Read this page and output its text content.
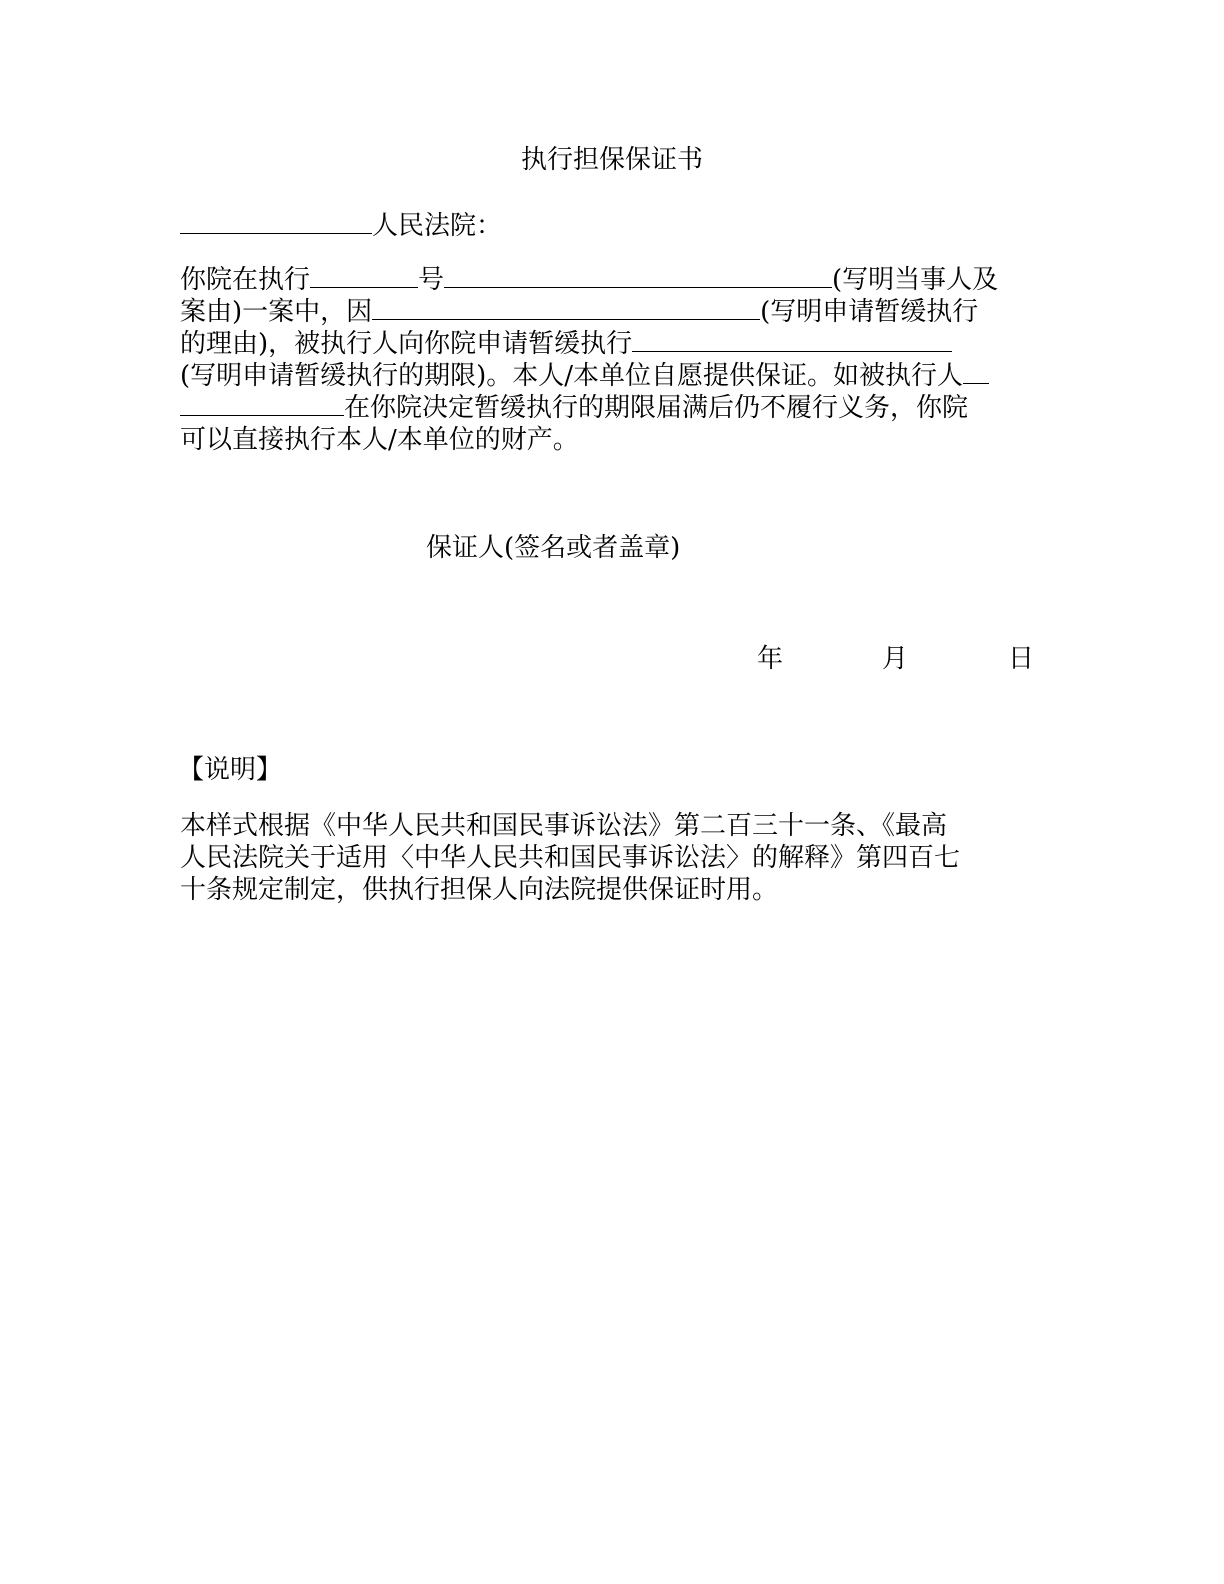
执行担保保证书
人民法院：
你院在执行	号	(写明当事人及
案由)一案中，因	(写明申请暂缓执行
的理由)，被执行人向你院申请暂缓执行
(写明申请暂缓执行的期限)。本人/本单位自愿提供保证。如被执行人
在你院决定暂缓执行的期限届满后仍不履行义务，你院
可以直接执行本人/本单位的财产。
保证人(签名或者盖章)
年	月	日
【说明】
本样式根据《中华人民共和国民事诉讼法》第二百三十一条、《最高
人民法院关于适用〈中华人民共和国民事诉讼法〉的解释》第四百七
十条规定制定，供执行担保人向法院提供保证时用。
